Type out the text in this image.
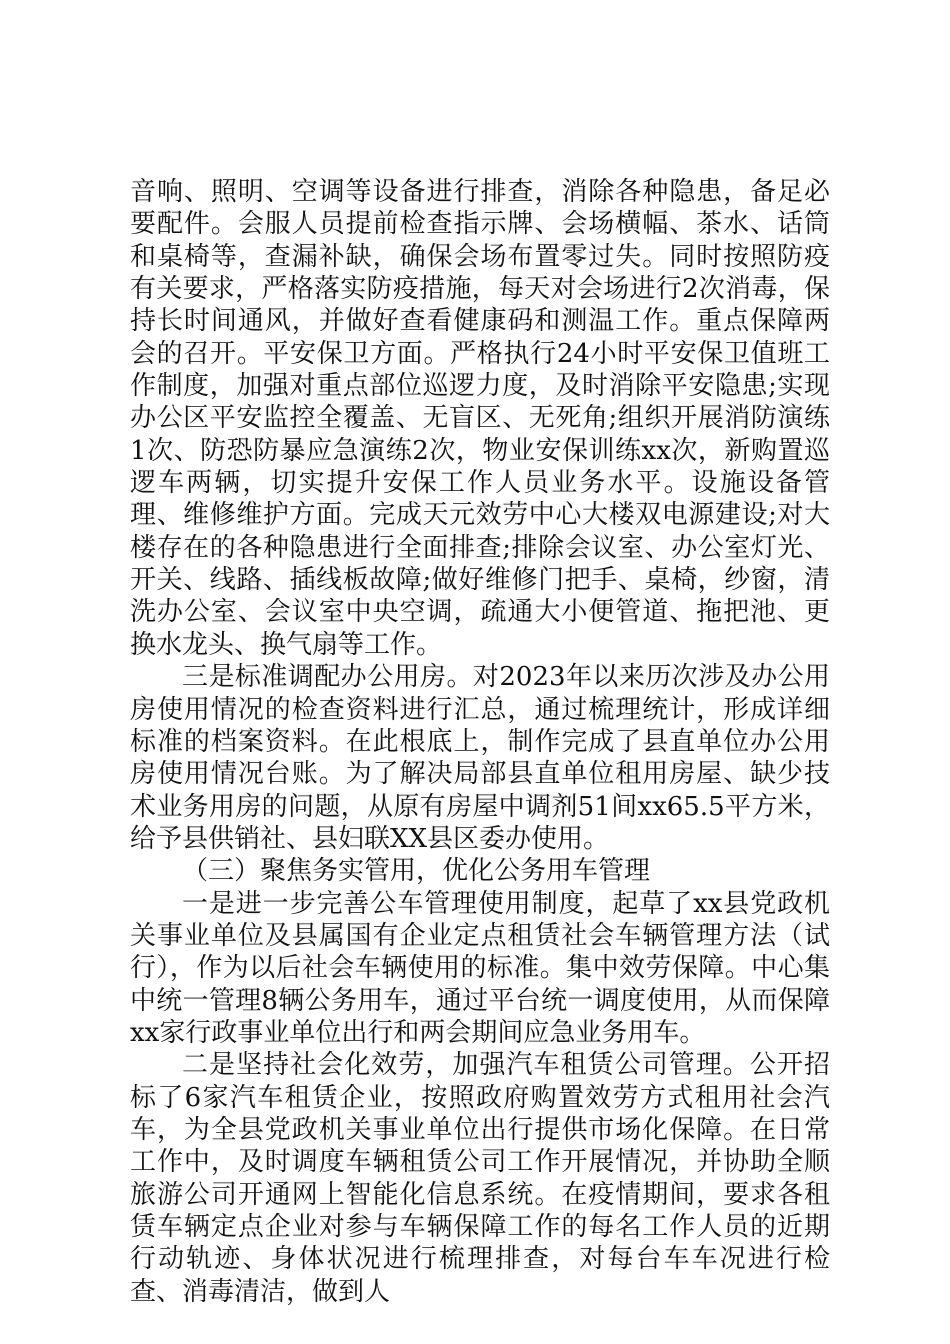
音响、照明、空调等设备进行排查，消除各种隐患，备足必要配件。会服人员提前检查指示牌、会场横幅、茶水、话筒和桌椅等，查漏补缺，确保会场布置零过失。同时按照防疫有关要求，严格落实防疫措施，每天对会场进行2次消毒，保持长时间通风，并做好查看健康码和测温工作。重点保障两会的召开。平安保卫方面。严格执行24小时平安保卫值班工作制度，加强对重点部位巡逻力度，及时消除平安隐患;实现办公区平安监控全覆盖、无盲区、无死角;组织开展消防演练1次、防恐防暴应急演练2次，物业安保训练xx次，新购置巡逻车两辆，切实提升安保工作人员业务水平。设施设备管理、维修维护方面。完成天元效劳中心大楼双电源建设;对大楼存在的各种隐患进行全面排查;排除会议室、办公室灯光、开关、线路、插线板故障;做好维修门把手、桌椅，纱窗，清洗办公室、会议室中央空调，疏通大小便管道、拖把池、更换水龙头、换气扇等工作。

三是标准调配办公用房。对2023年以来历次涉及办公用房使用情况的检查资料进行汇总，通过梳理统计，形成详细标准的档案资料。在此根底上，制作完成了县直单位办公用房使用情况台账。为了解决局部县直单位租用房屋、缺少技术业务用房的问题，从原有房屋中调剂51间xx65.5平方米，给予县供销社、县妇联XX县区委办使用。

（三）聚焦务实管用，优化公务用车管理

一是进一步完善公车管理使用制度，起草了xx县党政机关事业单位及县属国有企业定点租赁社会车辆管理方法（试行），作为以后社会车辆使用的标准。集中效劳保障。中心集中统一管理8辆公务用车，通过平台统一调度使用，从而保障xx家行政事业单位出行和两会期间应急业务用车。

二是坚持社会化效劳，加强汽车租赁公司管理。公开招标了6家汽车租赁企业，按照政府购置效劳方式租用社会汽车，为全县党政机关事业单位出行提供市场化保障。在日常工作中，及时调度车辆租赁公司工作开展情况，并协助全顺旅游公司开通网上智能化信息系统。在疫情期间，要求各租赁车辆定点企业对参与车辆保障工作的每名工作人员的近期行动轨迹、身体状况进行梳理排查，对每台车车况进行检查、消毒清洁，做到人
